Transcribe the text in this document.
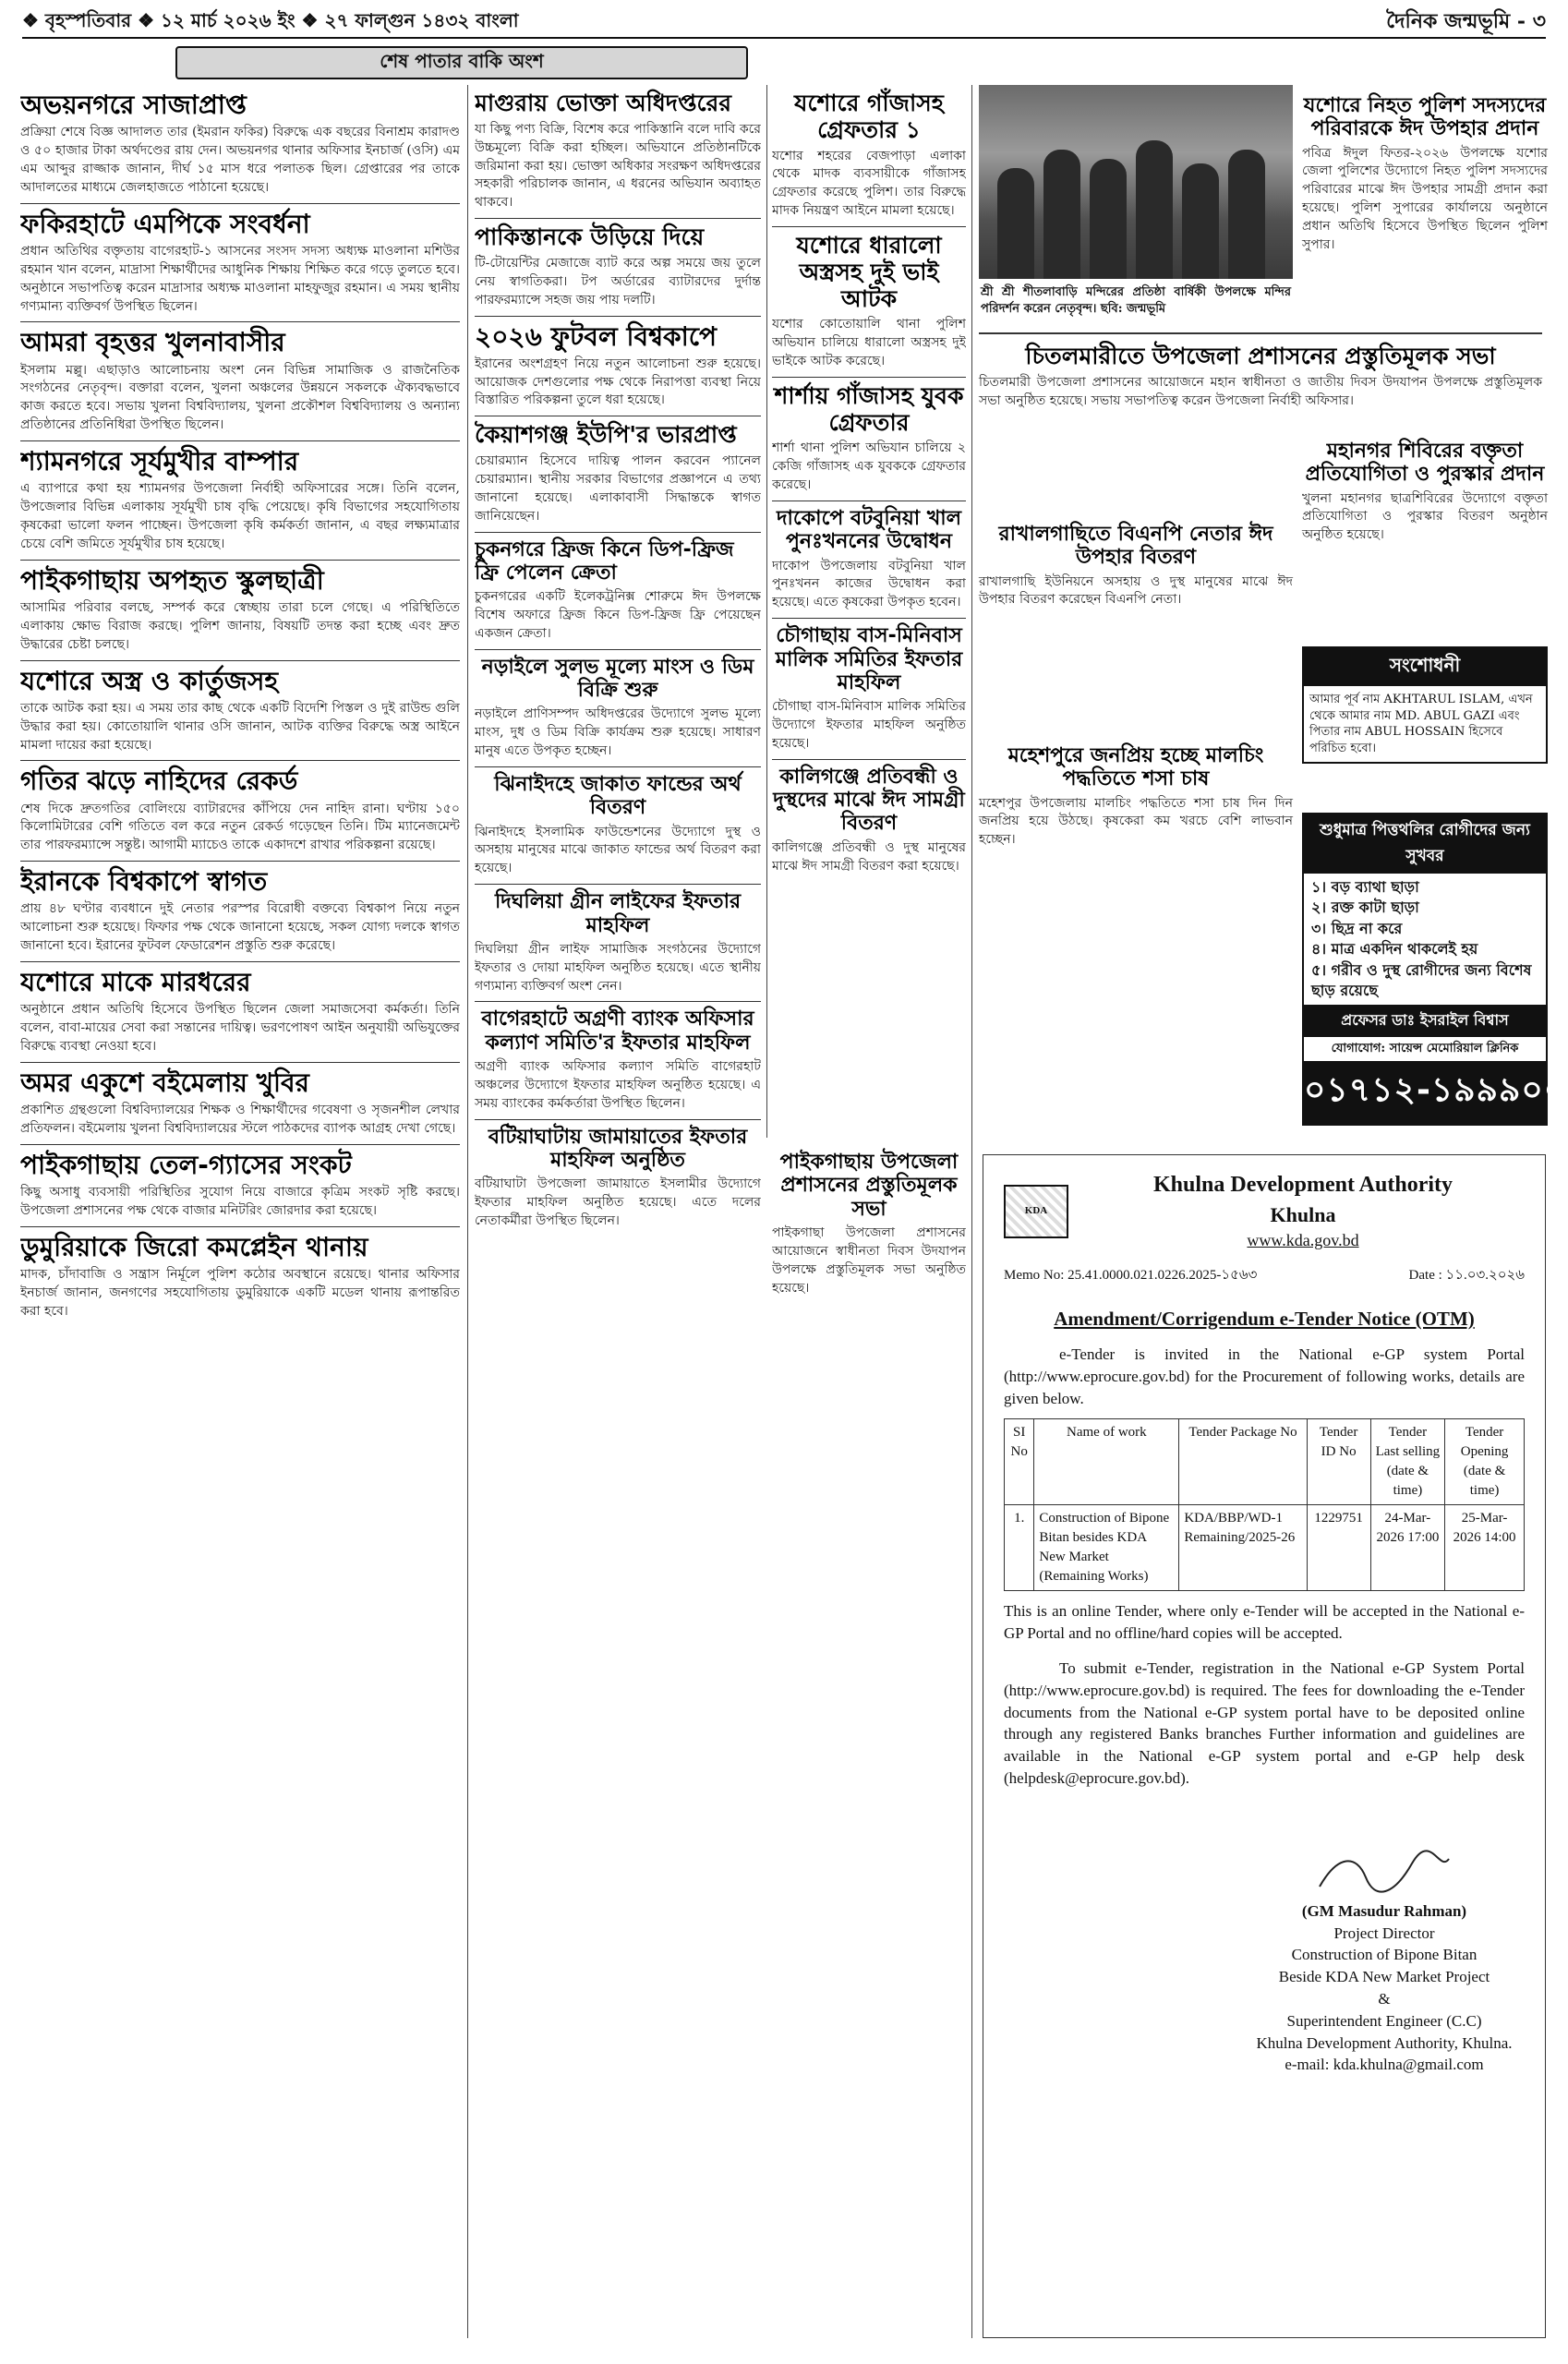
❖ বৃহস্পতিবার ❖ ১২ মার্চ ২০২৬ ইং ❖ ২৭ ফাল্গুন ১৪৩২ বাংলা	দৈনিক জন্মভূমি - ৩
শেষ পাতার বাকি অংশ
অভয়নগরে সাজাপ্রাপ্ত

প্রক্রিয়া শেষে বিজ্ঞ আদালত তার (ইমরান ফকির) বিরুদ্ধে এক বছরের বিনাশ্রম কারাদণ্ড ও ৫০ হাজার টাকা অর্থদণ্ডের রায় দেন। অভয়নগর থানার অফিসার ইনচার্জ (ওসি) এম এম আব্দুর রাজ্জাক জানান, দীর্ঘ ১৫ মাস ধরে পলাতক ছিল। গ্রেপ্তারের পর তাকে আদালতের মাধ্যমে জেলহাজতে পাঠানো হয়েছে।

ফকিরহাটে এমপিকে সংবর্ধনা

প্রধান অতিথির বক্তৃতায় বাগেরহাট-১ আসনের সংসদ সদস্য অধ্যক্ষ মাওলানা মশিউর রহমান খান বলেন, মাদ্রাসা শিক্ষার্থীদের আধুনিক শিক্ষায় শিক্ষিত করে গড়ে তুলতে হবে। অনুষ্ঠানে সভাপতিত্ব করেন মাদ্রাসার অধ্যক্ষ মাওলানা মাহফুজুর রহমান। এ সময় স্থানীয় গণ্যমান্য ব্যক্তিবর্গ উপস্থিত ছিলেন।

আমরা বৃহত্তর খুলনাবাসীর

ইসলাম মল্লু। এছাড়াও আলোচনায় অংশ নেন বিভিন্ন সামাজিক ও রাজনৈতিক সংগঠনের নেতৃবৃন্দ। বক্তারা বলেন, খুলনা অঞ্চলের উন্নয়নে সকলকে ঐক্যবদ্ধভাবে কাজ করতে হবে। সভায় খুলনা বিশ্ববিদ্যালয়, খুলনা প্রকৌশল বিশ্ববিদ্যালয় ও অন্যান্য প্রতিষ্ঠানের প্রতিনিধিরা উপস্থিত ছিলেন।

শ্যামনগরে সূর্যমুখীর বাম্পার

এ ব্যাপারে কথা হয় শ্যামনগর উপজেলা নির্বাহী অফিসারের সঙ্গে। তিনি বলেন, উপজেলার বিভিন্ন এলাকায় সূর্যমুখী চাষ বৃদ্ধি পেয়েছে। কৃষি বিভাগের সহযোগিতায় কৃষকেরা ভালো ফলন পাচ্ছেন। উপজেলা কৃষি কর্মকর্তা জানান, এ বছর লক্ষ্যমাত্রার চেয়ে বেশি জমিতে সূর্যমুখীর চাষ হয়েছে।

পাইকগাছায় অপহৃত স্কুলছাত্রী

আসামির পরিবার বলছে, সম্পর্ক করে স্বেচ্ছায় তারা চলে গেছে। এ পরিস্থিতিতে এলাকায় ক্ষোভ বিরাজ করছে। পুলিশ জানায়, বিষয়টি তদন্ত করা হচ্ছে এবং দ্রুত উদ্ধারের চেষ্টা চলছে।

যশোরে অস্ত্র ও কার্তুজসহ

তাকে আটক করা হয়। এ সময় তার কাছ থেকে একটি বিদেশি পিস্তল ও দুই রাউন্ড গুলি উদ্ধার করা হয়। কোতোয়ালি থানার ওসি জানান, আটক ব্যক্তির বিরুদ্ধে অস্ত্র আইনে মামলা দায়ের করা হয়েছে।

গতির ঝড়ে নাহিদের রেকর্ড

শেষ দিকে দ্রুতগতির বোলিংয়ে ব্যাটারদের কাঁপিয়ে দেন নাহিদ রানা। ঘণ্টায় ১৫০ কিলোমিটারের বেশি গতিতে বল করে নতুন রেকর্ড গড়েছেন তিনি। টিম ম্যানেজমেন্ট তার পারফরম্যান্সে সন্তুষ্ট। আগামী ম্যাচেও তাকে একাদশে রাখার পরিকল্পনা রয়েছে।

ইরানকে বিশ্বকাপে স্বাগত

প্রায় ৪৮ ঘণ্টার ব্যবধানে দুই নেতার পরস্পর বিরোধী বক্তব্যে বিশ্বকাপ নিয়ে নতুন আলোচনা শুরু হয়েছে। ফিফার পক্ষ থেকে জানানো হয়েছে, সকল যোগ্য দলকে স্বাগত জানানো হবে। ইরানের ফুটবল ফেডারেশন প্রস্তুতি শুরু করেছে।

যশোরে মাকে মারধরের

অনুষ্ঠানে প্রধান অতিথি হিসেবে উপস্থিত ছিলেন জেলা সমাজসেবা কর্মকর্তা। তিনি বলেন, বাবা-মায়ের সেবা করা সন্তানের দায়িত্ব। ভরণপোষণ আইন অনুযায়ী অভিযুক্তের বিরুদ্ধে ব্যবস্থা নেওয়া হবে।

অমর একুশে বইমেলায় খুবির

প্রকাশিত গ্রন্থগুলো বিশ্ববিদ্যালয়ের শিক্ষক ও শিক্ষার্থীদের গবেষণা ও সৃজনশীল লেখার প্রতিফলন। বইমেলায় খুলনা বিশ্ববিদ্যালয়ের স্টলে পাঠকদের ব্যাপক আগ্রহ দেখা গেছে।

পাইকগাছায় তেল-গ্যাসের সংকট

কিছু অসাধু ব্যবসায়ী পরিস্থিতির সুযোগ নিয়ে বাজারে কৃত্রিম সংকট সৃষ্টি করছে। উপজেলা প্রশাসনের পক্ষ থেকে বাজার মনিটরিং জোরদার করা হয়েছে।

ডুমুরিয়াকে জিরো কমপ্লেইন থানায়

মাদক, চাঁদাবাজি ও সন্ত্রাস নির্মূলে পুলিশ কঠোর অবস্থানে রয়েছে। থানার অফিসার ইনচার্জ জানান, জনগণের সহযোগিতায় ডুমুরিয়াকে একটি মডেল থানায় রূপান্তরিত করা হবে।

মাগুরায় ভোক্তা অধিদপ্তরের

যা কিছু পণ্য বিক্রি, বিশেষ করে পাকিস্তানি বলে দাবি করে উচ্চমূল্যে বিক্রি করা হচ্ছিল। অভিযানে প্রতিষ্ঠানটিকে জরিমানা করা হয়। ভোক্তা অধিকার সংরক্ষণ অধিদপ্তরের সহকারী পরিচালক জানান, এ ধরনের অভিযান অব্যাহত থাকবে।

পাকিস্তানকে উড়িয়ে দিয়ে

টি-টোয়েন্টির মেজাজে ব্যাট করে অল্প সময়ে জয় তুলে নেয় স্বাগতিকরা। টপ অর্ডারের ব্যাটারদের দুর্দান্ত পারফরম্যান্সে সহজ জয় পায় দলটি।

২০২৬ ফুটবল বিশ্বকাপে

ইরানের অংশগ্রহণ নিয়ে নতুন আলোচনা শুরু হয়েছে। আয়োজক দেশগুলোর পক্ষ থেকে নিরাপত্তা ব্যবস্থা নিয়ে বিস্তারিত পরিকল্পনা তুলে ধরা হয়েছে।

কৈয়াশগঞ্জ ইউপি'র ভারপ্রাপ্ত

চেয়ারম্যান হিসেবে দায়িত্ব পালন করবেন প্যানেল চেয়ারম্যান। স্থানীয় সরকার বিভাগের প্রজ্ঞাপনে এ তথ্য জানানো হয়েছে। এলাকাবাসী সিদ্ধান্তকে স্বাগত জানিয়েছেন।

চুকনগরে ফ্রিজ কিনে ডিপ-ফ্রিজ ফ্রি পেলেন ক্রেতা

চুকনগরের একটি ইলেকট্রনিক্স শোরুমে ঈদ উপলক্ষে বিশেষ অফারে ফ্রিজ কিনে ডিপ-ফ্রিজ ফ্রি পেয়েছেন একজন ক্রেতা।

নড়াইলে সুলভ মূল্যে মাংস ও ডিম বিক্রি শুরু

নড়াইলে প্রাণিসম্পদ অধিদপ্তরের উদ্যোগে সুলভ মূল্যে মাংস, দুধ ও ডিম বিক্রি কার্যক্রম শুরু হয়েছে। সাধারণ মানুষ এতে উপকৃত হচ্ছেন।

ঝিনাইদহে জাকাত ফান্ডের অর্থ বিতরণ

ঝিনাইদহে ইসলামিক ফাউন্ডেশনের উদ্যোগে দুস্থ ও অসহায় মানুষের মাঝে জাকাত ফান্ডের অর্থ বিতরণ করা হয়েছে।

দিঘলিয়া গ্রীন লাইফের ইফতার মাহফিল

দিঘলিয়া গ্রীন লাইফ সামাজিক সংগঠনের উদ্যোগে ইফতার ও দোয়া মাহফিল অনুষ্ঠিত হয়েছে। এতে স্থানীয় গণ্যমান্য ব্যক্তিবর্গ অংশ নেন।

বাগেরহাটে অগ্রণী ব্যাংক অফিসার কল্যাণ সমিতি'র ইফতার মাহফিল

অগ্রণী ব্যাংক অফিসার কল্যাণ সমিতি বাগেরহাট অঞ্চলের উদ্যোগে ইফতার মাহফিল অনুষ্ঠিত হয়েছে। এ সময় ব্যাংকের কর্মকর্তারা উপস্থিত ছিলেন।

বটিয়াঘাটায় জামায়াতের ইফতার মাহফিল অনুষ্ঠিত

বটিয়াঘাটা উপজেলা জামায়াতে ইসলামীর উদ্যোগে ইফতার মাহফিল অনুষ্ঠিত হয়েছে। এতে দলের নেতাকর্মীরা উপস্থিত ছিলেন।

যশোরে গাঁজাসহ গ্রেফতার ১

যশোর শহরের বেজপাড়া এলাকা থেকে মাদক ব্যবসায়ীকে গাঁজাসহ গ্রেফতার করেছে পুলিশ। তার বিরুদ্ধে মাদক নিয়ন্ত্রণ আইনে মামলা হয়েছে।

যশোরে ধারালো অস্ত্রসহ দুই ভাই আটক

যশোর কোতোয়ালি থানা পুলিশ অভিযান চালিয়ে ধারালো অস্ত্রসহ দুই ভাইকে আটক করেছে।

শার্শায় গাঁজাসহ যুবক গ্রেফতার

শার্শা থানা পুলিশ অভিযান চালিয়ে ২ কেজি গাঁজাসহ এক যুবককে গ্রেফতার করেছে।

দাকোপে বটবুনিয়া খাল পুনঃখননের উদ্বোধন

দাকোপ উপজেলায় বটবুনিয়া খাল পুনঃখনন কাজের উদ্বোধন করা হয়েছে। এতে কৃষকেরা উপকৃত হবেন।

চৌগাছায় বাস-মিনিবাস মালিক সমিতির ইফতার মাহফিল

চৌগাছা বাস-মিনিবাস মালিক সমিতির উদ্যোগে ইফতার মাহফিল অনুষ্ঠিত হয়েছে।

কালিগঞ্জে প্রতিবন্ধী ও দুস্থদের মাঝে ঈদ সামগ্রী বিতরণ

কালিগঞ্জে প্রতিবন্ধী ও দুস্থ মানুষের মাঝে ঈদ সামগ্রী বিতরণ করা হয়েছে।

পাইকগাছায় উপজেলা প্রশাসনের প্রস্তুতিমূলক সভা

পাইকগাছা উপজেলা প্রশাসনের আয়োজনে স্বাধীনতা দিবস উদযাপন উপলক্ষে প্রস্তুতিমূলক সভা অনুষ্ঠিত হয়েছে।

শ্রী শ্রী শীতলাবাড়ি মন্দিরের প্রতিষ্ঠা বার্ষিকী উপলক্ষে মন্দির পরিদর্শন করেন নেতৃবৃন্দ। ছবি: জন্মভূমি
যশোরে নিহত পুলিশ সদস্যদের পরিবারকে ঈদ উপহার প্রদান

পবিত্র ঈদুল ফিতর-২০২৬ উপলক্ষে যশোর জেলা পুলিশের উদ্যোগে নিহত পুলিশ সদস্যদের পরিবারের মাঝে ঈদ উপহার সামগ্রী প্রদান করা হয়েছে। পুলিশ সুপারের কার্যালয়ে অনুষ্ঠানে প্রধান অতিথি হিসেবে উপস্থিত ছিলেন পুলিশ সুপার।

চিতলমারীতে উপজেলা প্রশাসনের প্রস্তুতিমূলক সভা

চিতলমারী উপজেলা প্রশাসনের আয়োজনে মহান স্বাধীনতা ও জাতীয় দিবস উদযাপন উপলক্ষে প্রস্তুতিমূলক সভা অনুষ্ঠিত হয়েছে। সভায় সভাপতিত্ব করেন উপজেলা নির্বাহী অফিসার।

মহানগর শিবিরের বক্তৃতা প্রতিযোগিতা ও পুরস্কার প্রদান

খুলনা মহানগর ছাত্রশিবিরের উদ্যোগে বক্তৃতা প্রতিযোগিতা ও পুরস্কার বিতরণ অনুষ্ঠান অনুষ্ঠিত হয়েছে।

রাখালগাছিতে বিএনপি নেতার ঈদ উপহার বিতরণ

রাখালগাছি ইউনিয়নে অসহায় ও দুস্থ মানুষের মাঝে ঈদ উপহার বিতরণ করেছেন বিএনপি নেতা।

সংশোধনী

আমার পূর্ব নাম AKHTARUL ISLAM, এখন থেকে আমার নাম MD. ABUL GAZI এবং পিতার নাম ABUL HOSSAIN হিসেবে পরিচিত হবো।

মহেশপুরে জনপ্রিয় হচ্ছে মালচিং পদ্ধতিতে শসা চাষ

মহেশপুর উপজেলায় মালচিং পদ্ধতিতে শসা চাষ দিন দিন জনপ্রিয় হয়ে উঠছে। কৃষকেরা কম খরচে বেশি লাভবান হচ্ছেন।

শুধুমাত্র পিত্তথলির রোগীদের জন্য সুখবর
১। বড় ব্যাথা ছাড়া
২। রক্ত কাটা ছাড়া
৩। ছিদ্র না করে
৪। মাত্র একদিন থাকলেই হয়
৫। গরীব ও দুস্থ রোগীদের জন্য বিশেষ ছাড় রয়েছে
প্রফেসর ডাঃ ইসরাইল বিশ্বাস

যোগাযোগ: সায়েন্স মেমোরিয়াল ক্লিনিক

০১৭১২-১৯৯৯০০
KDA
Khulna Development Authority
Khulna
www.kda.gov.bd
Memo No: 25.41.0000.021.0226.2025-১৫৬৩	Date : ১১.০৩.২০২৬
Amendment/Corrigendum e-Tender Notice (OTM)

e-Tender is invited in the National e-GP system Portal (http://www.eprocure.gov.bd) for the Procurement of following works, details are given below.

SI No	Name of work	Tender Package No	Tender ID No	Tender Last selling (date & time)	Tender Opening (date & time)
1.	Construction of Bipone Bitan besides KDA New Market (Remaining Works)	KDA/BBP/WD-1 Remaining/2025-26	1229751	24-Mar-2026 17:00	25-Mar-2026 14:00

This is an online Tender, where only e-Tender will be accepted in the National e-GP Portal and no offline/hard copies will be accepted.

To submit e-Tender, registration in the National e-GP System Portal (http://www.eprocure.gov.bd) is required. The fees for downloading the e-Tender documents from the National e-GP system portal have to be deposited online through any registered Banks branches Further information and guidelines are available in the National e-GP system portal and e-GP help desk (helpdesk@eprocure.gov.bd).

(GM Masudur Rahman)
Project Director
Construction of Bipone Bitan
Beside KDA New Market Project
&
Superintendent Engineer (C.C)
Khulna Development Authority, Khulna.
e-mail: kda.khulna@gmail.com
